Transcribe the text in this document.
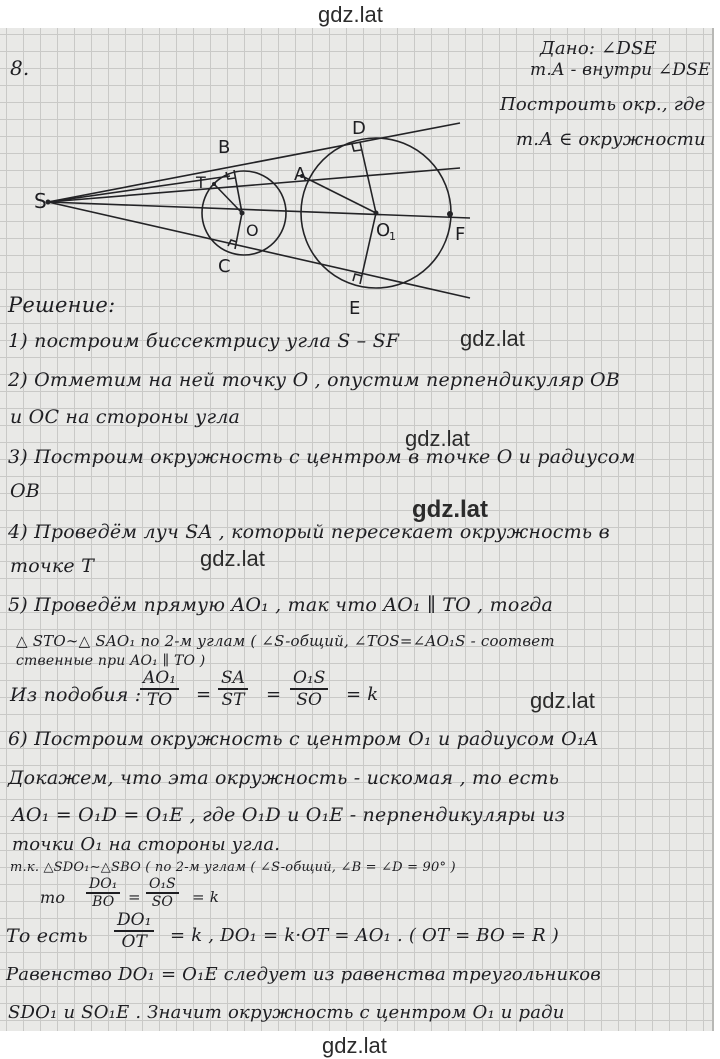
gdz.lat
8.
Дано: ∠DSE
т.А - внутри ∠DSE
Построить окр., где
т.А ∈ окружности
S
B
T
O
C
D
A
O
1	F
E
Решение:
1) построим биссектрису угла S – SF
2) Отметим на ней точку O , опустим перпендикуляр OB
и OC на стороны угла
3) Построим окружность с центром в точке O и радиусом
OB
4) Проведём луч SA , который пересекает окружность в
точке T
5) Проведём прямую AO₁ , так что AO₁ ∥ TO , тогда
△ STO∼△ SAO₁ по 2-м углам ( ∠S-общий, ∠TOS=∠AO₁S - соответ
ственные при AO₁ ∥ TO )
Из подобия :
$\frac{\text{AO₁}}{TO} = \frac{SA}{ST} = \frac{\text{O₁S}}{SO} = k$
6) Построим окружность с центром O₁ и радиусом O₁A
Докажем, что эта окружность - искомая , то есть
AO₁ = O₁D = O₁E , где O₁D и O₁E - перпендикуляры из
точки O₁ на стороны угла.
т.к. △SDO₁∼△SBO ( по 2-м углам ( ∠S-общий, ∠B = ∠D = 90° )
то $\frac{\text{DO₁}}{BO} = \frac{\text{O₁S}}{SO} = k$
То есть $\frac{\text{DO₁}}{OT} = k$ , DO₁ = k·OT = AO₁ . ( OT = BO = R )
Равенство DO₁ = O₁E следует из равенства треугольников
SDO₁ и SO₁E . Значит окружность с центром O₁ и ради
gdz.lat
gdz.lat
gdz.lat
gdz.lat
gdz.lat
gdz.lat
